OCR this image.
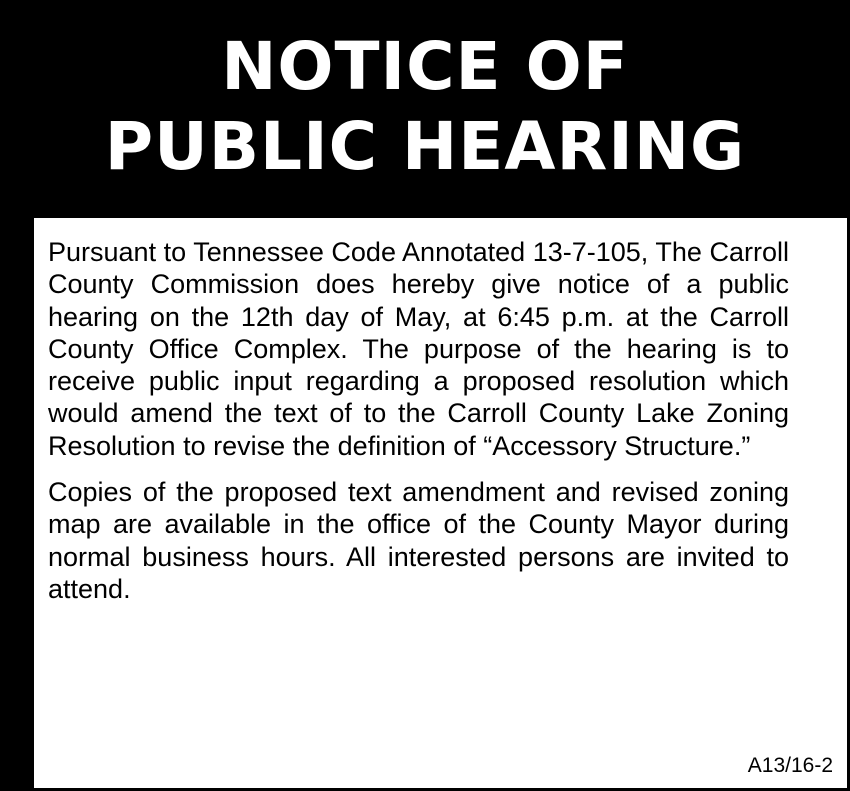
NOTICE OF
PUBLIC HEARING

Pursuant to Tennessee Code Annotated 13-7-105, The Carroll County Commission does hereby give notice of a public hearing on the 12th day of May, at 6:45 p.m. at the Carroll County Office Complex. The purpose of the hearing is to receive public input regarding a proposed resolution which would amend the text of to the Carroll County Lake Zoning Resolution to revise the definition of “Accessory Structure.”

Copies of the proposed text amendment and revised zoning map are available in the office of the County Mayor during normal business hours. All interested persons are invited to attend.

A13/16-2
